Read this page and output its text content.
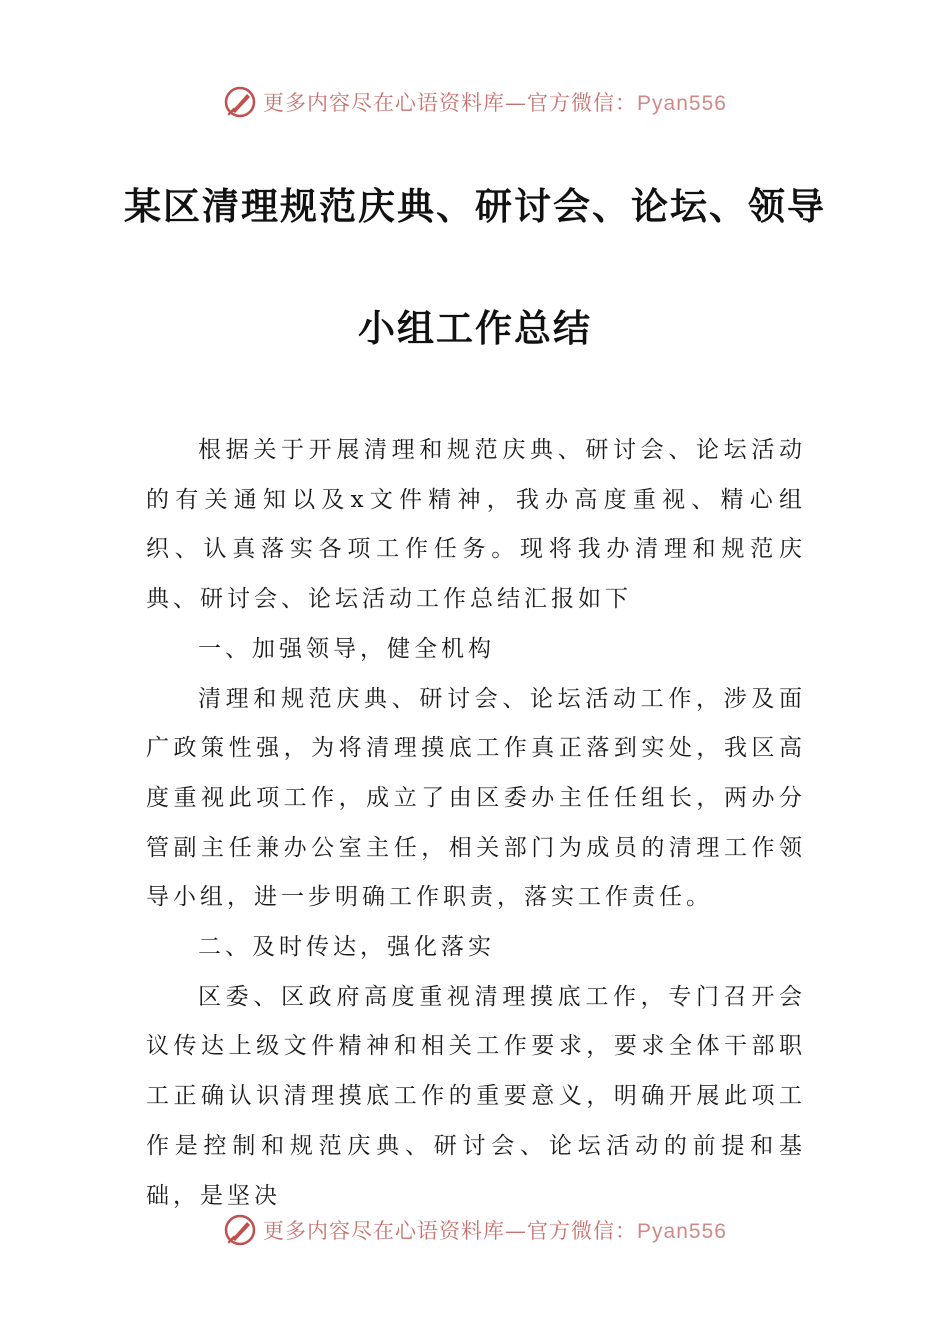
更多内容尽在心语资料库—官方微信：Pyan556
某区清理规范庆典、研讨会、论坛、领导
小组工作总结

根据关于开展清理和规范庆典、研讨会、论坛活动的有关通知以及x文件精神，我办高度重视、精心组织、认真落实各项工作任务。现将我办清理和规范庆典、研讨会、论坛活动工作总结汇报如下

一、加强领导，健全机构

清理和规范庆典、研讨会、论坛活动工作，涉及面广政策性强，为将清理摸底工作真正落到实处，我区高度重视此项工作，成立了由区委办主任任组长，两办分管副主任兼办公室主任，相关部门为成员的清理工作领导小组，进一步明确工作职责，落实工作责任。

二、及时传达，强化落实

区委、区政府高度重视清理摸底工作，专门召开会议传达上级文件精神和相关工作要求，要求全体干部职工正确认识清理摸底工作的重要意义，明确开展此项工作是控制和规范庆典、研讨会、论坛活动的前提和基础，是坚决

更多内容尽在心语资料库—官方微信：Pyan556
